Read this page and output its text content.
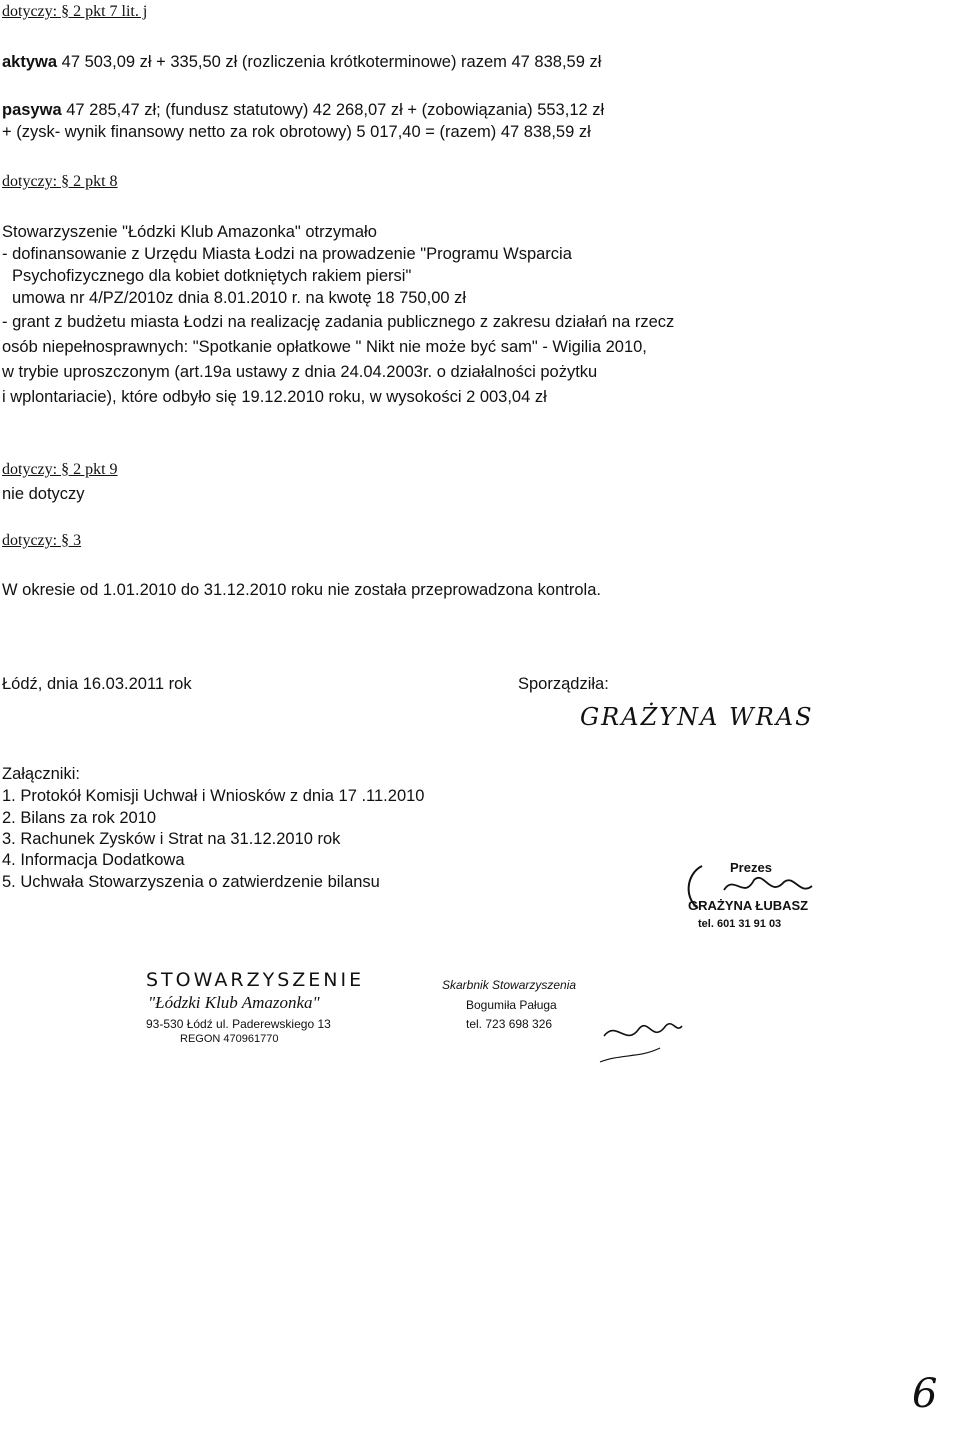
dotyczy: § 2 pkt 7 lit. j
aktywa 47 503,09 zł + 335,50 zł (rozliczenia krótkoterminowe) razem 47 838,59 zł
pasywa 47 285,47 zł; (fundusz statutowy) 42 268,07 zł + (zobowiązania) 553,12 zł
+ (zysk- wynik finansowy netto za rok obrotowy) 5 017,40 = (razem) 47 838,59 zł
dotyczy: § 2 pkt 8
Stowarzyszenie "Łódzki Klub Amazonka" otrzymało
- dofinansowanie z Urzędu Miasta Łodzi na prowadzenie "Programu Wsparcia
Psychofizycznego dla kobiet dotkniętych rakiem piersi"
umowa nr 4/PZ/2010z dnia 8.01.2010 r. na kwotę 18 750,00 zł
- grant z budżetu miasta Łodzi na realizację zadania publicznego z zakresu działań na rzecz
osób niepełnosprawnych: "Spotkanie opłatkowe " Nikt nie może być sam" - Wigilia 2010,
w trybie uproszczonym (art.19a ustawy z dnia 24.04.2003r. o działalności pożytku
i wplontariacie), które odbyło się 19.12.2010 roku, w wysokości 2 003,04 zł
dotyczy: § 2 pkt 9
nie dotyczy
dotyczy: § 3
W okresie od 1.01.2010 do 31.12.2010 roku nie została przeprowadzona kontrola.
Łódź, dnia 16.03.2011 rok	Sporządziła:
GRAŻYNA WRAS
Załączniki:
1. Protokół Komisji Uchwał i Wniosków z dnia 17 .11.2010
2. Bilans za rok 2010
3. Rachunek Zysków i Strat na 31.12.2010 rok
4. Informacja Dodatkowa
5. Uchwała Stowarzyszenia o zatwierdzenie bilansu
Prezes
GRAŻYNA ŁUBASZ
tel. 601 31 91 03
STOWARZYSZENIE
"Łódzki Klub Amazonka"
93-530 Łódź ul. Paderewskiego 13
REGON 470961770
Skarbnik Stowarzyszenia
Bogumiła Paługa
tel. 723 698 326
6
